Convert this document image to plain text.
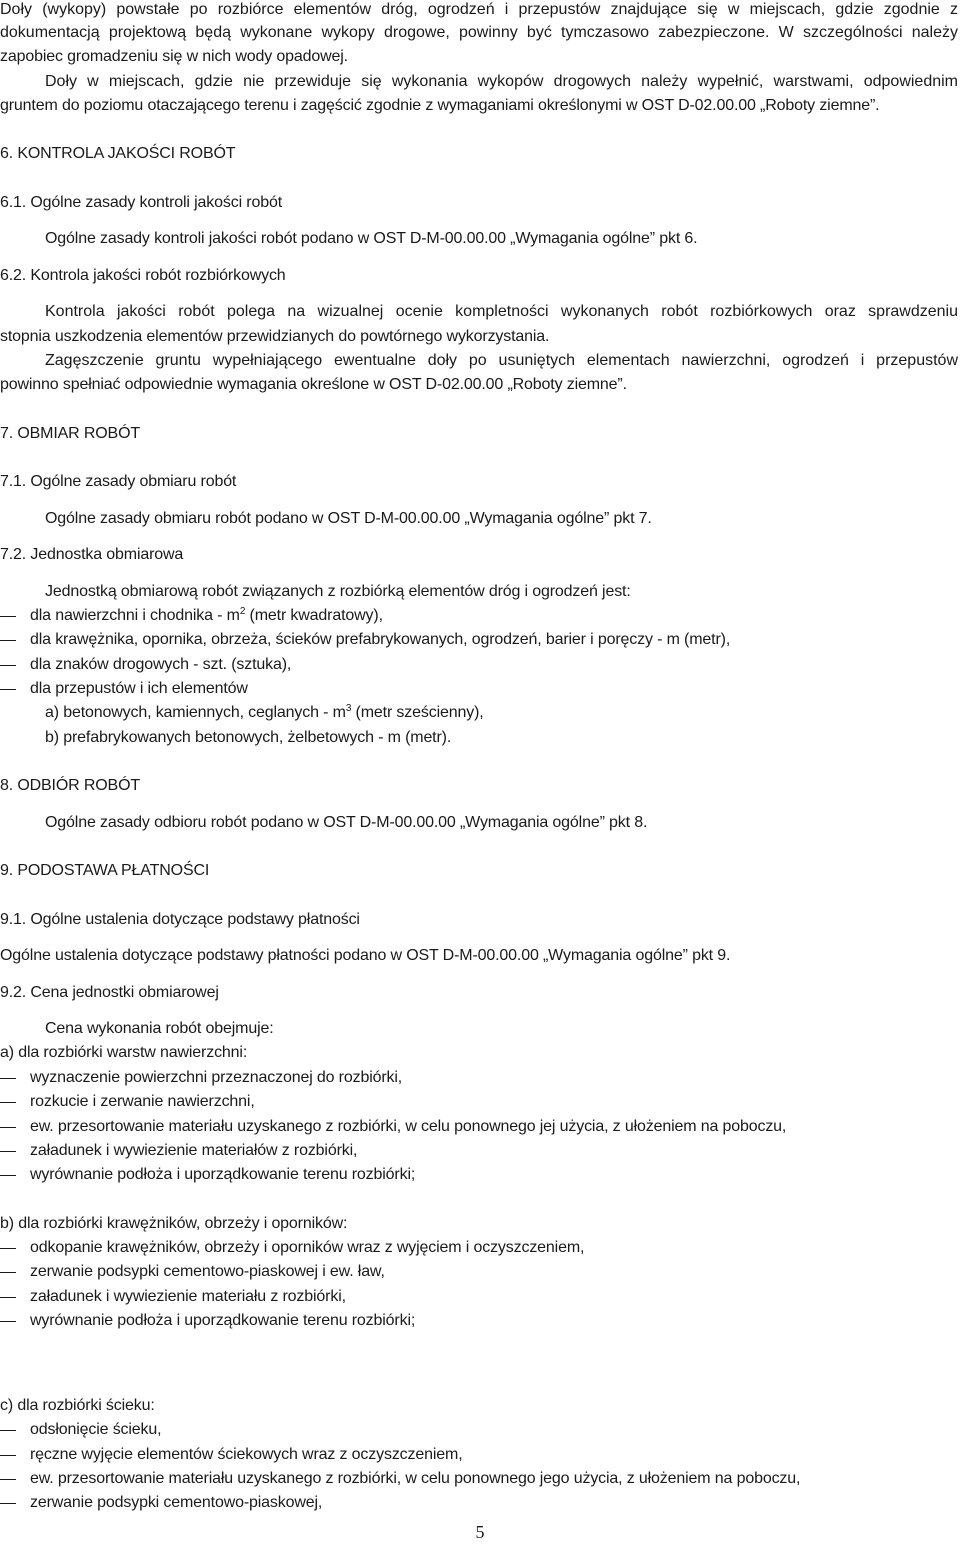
Doły (wykopy) powstałe po rozbiórce elementów dróg, ogrodzeń i przepustów znajdujące się w miejscach, gdzie zgodnie z
dokumentacją projektową będą wykonane wykopy drogowe, powinny być tymczasowo zabezpieczone. W szczególności należy
zapobiec gromadzeniu się w nich wody opadowej.
Doły w miejscach, gdzie nie przewiduje się wykonania wykopów drogowych należy wypełnić, warstwami, odpowiednim
gruntem do poziomu otaczającego terenu i zagęścić zgodnie z wymaganiami określonymi w OST D-02.00.00 „Roboty ziemne”.
6. KONTROLA JAKOŚCI ROBÓT
6.1. Ogólne zasady kontroli jakości robót
Ogólne zasady kontroli jakości robót podano w OST D-M-00.00.00 „Wymagania ogólne” pkt 6.
6.2. Kontrola jakości robót rozbiórkowych
Kontrola jakości robót polega na wizualnej ocenie kompletności wykonanych robót rozbiórkowych oraz sprawdzeniu
stopnia uszkodzenia elementów przewidzianych do powtórnego wykorzystania.
Zagęszczenie gruntu wypełniającego ewentualne doły po usuniętych elementach nawierzchni, ogrodzeń i przepustów
powinno spełniać odpowiednie wymagania określone w OST D-02.00.00 „Roboty ziemne”.
7. OBMIAR ROBÓT
7.1. Ogólne zasady obmiaru robót
Ogólne zasady obmiaru robót podano w OST D-M-00.00.00 „Wymagania ogólne” pkt 7.
7.2. Jednostka obmiarowa
Jednostką obmiarową robót związanych z rozbiórką elementów dróg i ogrodzeń jest:
dla nawierzchni i chodnika - $m^2$ (metr kwadratowy),
dla krawężnika, opornika, obrzeża, ścieków prefabrykowanych, ogrodzeń, barier i poręczy - m (metr),
dla znaków drogowych - szt. (sztuka),
dla przepustów i ich elementów
a) betonowych, kamiennych, ceglanych - $m^3$ (metr sześcienny),
b) prefabrykowanych betonowych, żelbetowych - m (metr).
8. ODBIÓR ROBÓT
Ogólne zasady odbioru robót podano w OST D-M-00.00.00 „Wymagania ogólne” pkt 8.
9. PODOSTAWA PŁATNOŚCI
9.1. Ogólne ustalenia dotyczące podstawy płatności
Ogólne ustalenia dotyczące podstawy płatności podano w OST D-M-00.00.00 „Wymagania ogólne” pkt 9.
9.2. Cena jednostki obmiarowej
Cena wykonania robót obejmuje:
a) dla rozbiórki warstw nawierzchni:
wyznaczenie powierzchni przeznaczonej do rozbiórki,
rozkucie i zerwanie nawierzchni,
ew. przesortowanie materiału uzyskanego z rozbiórki, w celu ponownego jej użycia, z ułożeniem na poboczu,
załadunek i wywiezienie materiałów z rozbiórki,
wyrównanie podłoża i uporządkowanie terenu rozbiórki;
b) dla rozbiórki krawężników, obrzeży i oporników:
odkopanie krawężników, obrzeży i oporników wraz z wyjęciem i oczyszczeniem,
zerwanie podsypki cementowo-piaskowej i ew. ław,
załadunek i wywiezienie materiału z rozbiórki,
wyrównanie podłoża i uporządkowanie terenu rozbiórki;
c) dla rozbiórki ścieku:
odsłonięcie ścieku,
ręczne wyjęcie elementów ściekowych wraz z oczyszczeniem,
ew. przesortowanie materiału uzyskanego z rozbiórki, w celu ponownego jego użycia, z ułożeniem na poboczu,
zerwanie podsypki cementowo-piaskowej,
5
